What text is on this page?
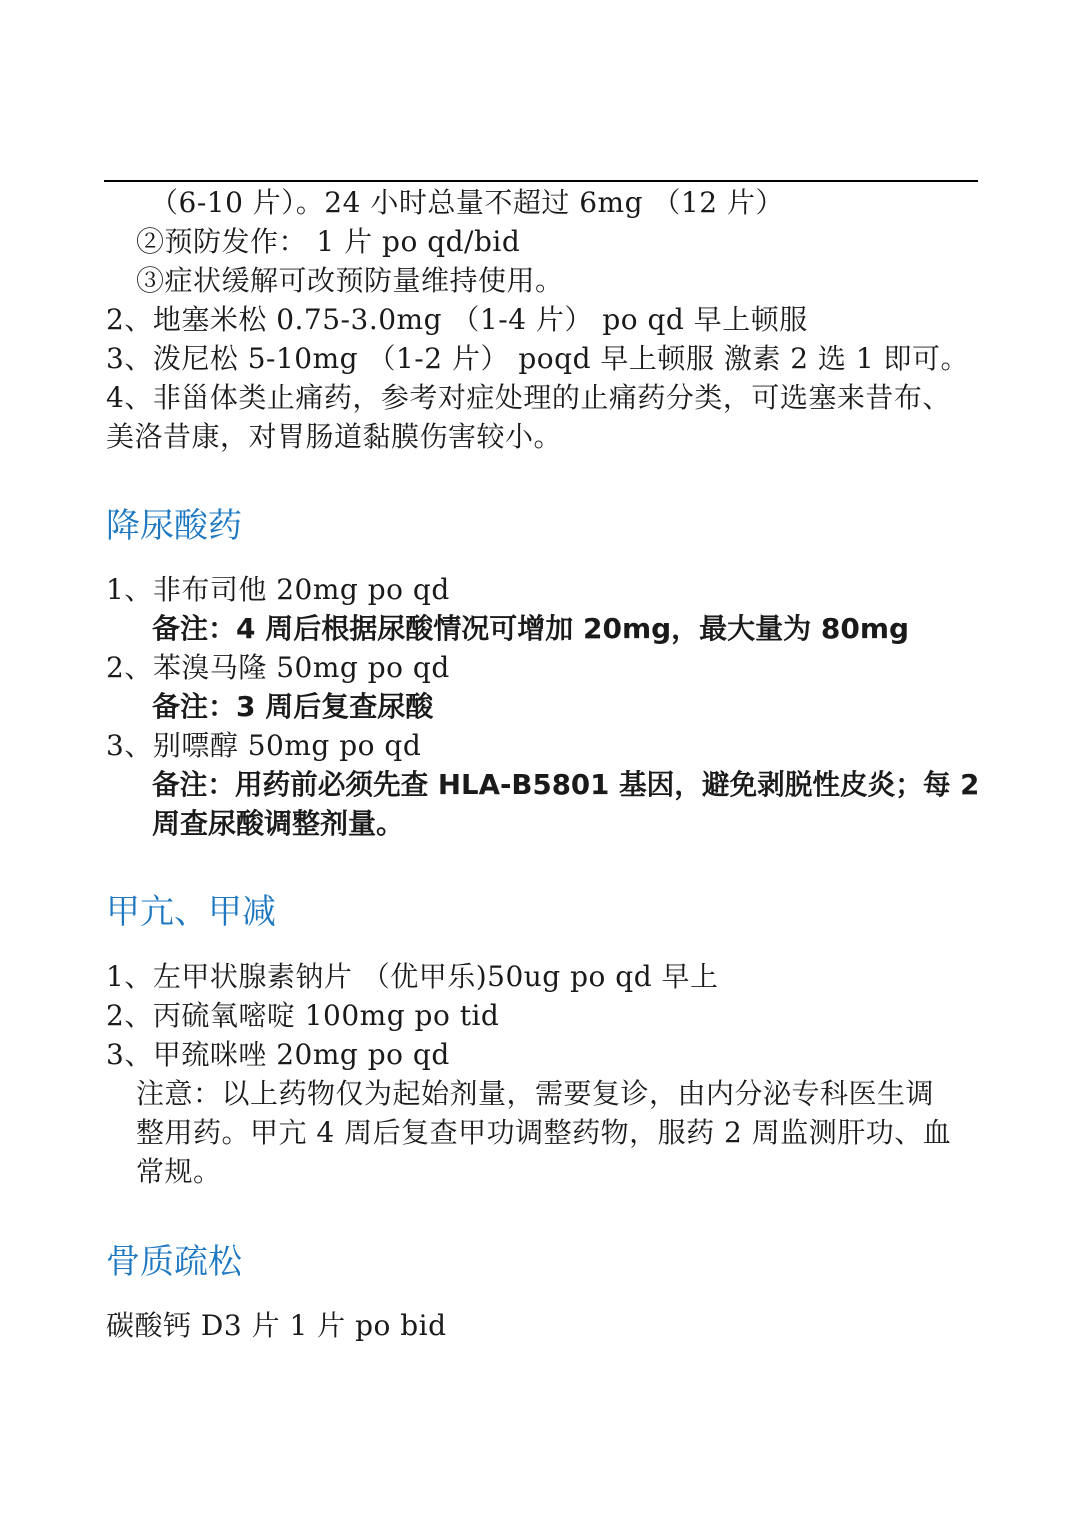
（6-10 片）。24 小时总量不超过 6mg （12 片）
②预防发作： 1 片 po qd/bid
③症状缓解可改预防量维持使用。
2、地塞米松 0.75-3.0mg （1-4 片） po qd 早上顿服
3、泼尼松 5-10mg （1-2 片） poqd 早上顿服 激素 2 选 1 即可。
4、非甾体类止痛药，参考对症处理的止痛药分类，可选塞来昔布、
美洛昔康，对胃肠道黏膜伤害较小。
降尿酸药
1、非布司他 20mg po qd
备注：4 周后根据尿酸情况可增加 20mg，最大量为 80mg
2、苯溴马隆 50mg po qd
备注：3 周后复查尿酸
3、别嘌醇 50mg po qd
备注：用药前必须先查 HLA-B5801 基因，避免剥脱性皮炎；每 2
周查尿酸调整剂量。
甲亢、甲减
1、左甲状腺素钠片 （优甲乐)50ug po qd 早上
2、丙硫氧嘧啶 100mg po tid
3、甲巯咪唑 20mg po qd
注意：以上药物仅为起始剂量，需要复诊，由内分泌专科医生调
整用药。甲亢 4 周后复查甲功调整药物，服药 2 周监测肝功、血
常规。
骨质疏松
碳酸钙 D3 片 1 片 po bid
